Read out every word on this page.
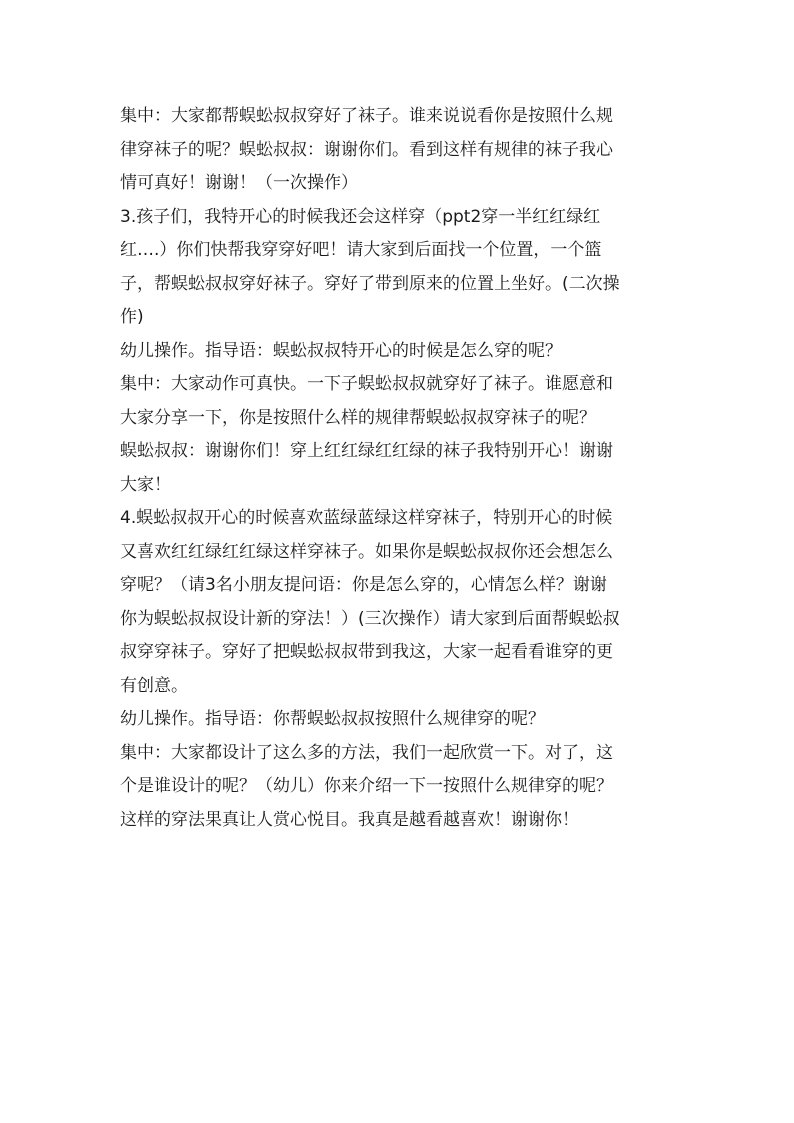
集中：大家都帮蜈蚣叔叔穿好了袜子。谁来说说看你是按照什么规
律穿袜子的呢？蜈蚣叔叔：谢谢你们。看到这样有规律的袜子我心
情可真好！谢谢！（一次操作）
3.孩子们，我特开心的时候我还会这样穿（ppt2穿一半红红绿红
红….）你们快帮我穿穿好吧！请大家到后面找一个位置，一个篮
子，帮蜈蚣叔叔穿好袜子。穿好了带到原来的位置上坐好。(二次操
作)
幼儿操作。指导语：蜈蚣叔叔特开心的时候是怎么穿的呢？
集中：大家动作可真快。一下子蜈蚣叔叔就穿好了袜子。谁愿意和
大家分享一下，你是按照什么样的规律帮蜈蚣叔叔穿袜子的呢？
蜈蚣叔叔：谢谢你们！穿上红红绿红红绿的袜子我特别开心！谢谢
大家！
4.蜈蚣叔叔开心的时候喜欢蓝绿蓝绿这样穿袜子，特别开心的时候
又喜欢红红绿红红绿这样穿袜子。如果你是蜈蚣叔叔你还会想怎么
穿呢？（请3名小朋友提问语：你是怎么穿的，心情怎么样？谢谢
你为蜈蚣叔叔设计新的穿法！）(三次操作）请大家到后面帮蜈蚣叔
叔穿穿袜子。穿好了把蜈蚣叔叔带到我这，大家一起看看谁穿的更
有创意。
幼儿操作。指导语：你帮蜈蚣叔叔按照什么规律穿的呢？
集中：大家都设计了这么多的方法，我们一起欣赏一下。对了，这
个是谁设计的呢？（幼儿）你来介绍一下一按照什么规律穿的呢？
这样的穿法果真让人赏心悦目。我真是越看越喜欢！谢谢你！
